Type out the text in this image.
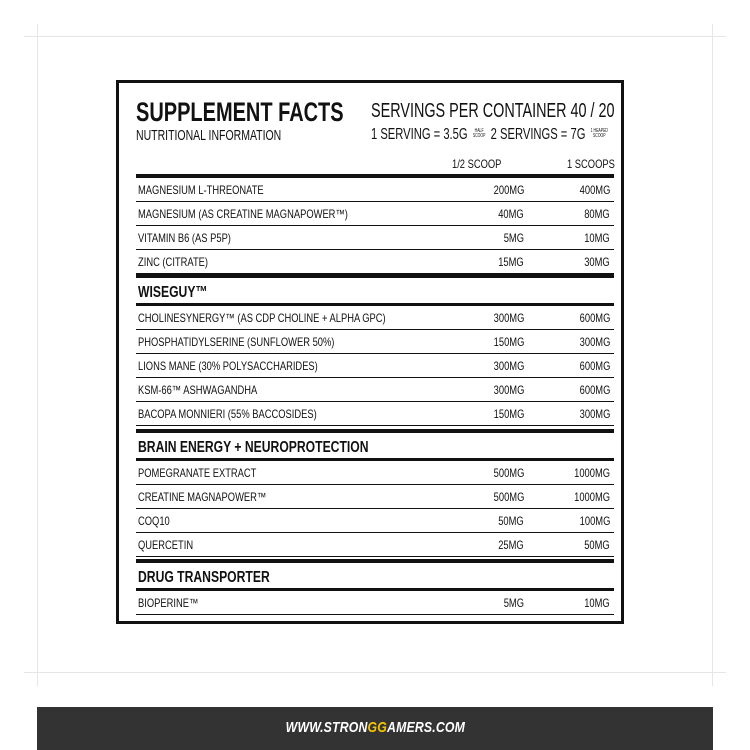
SUPPLEMENT FACTS
NUTRITIONAL INFORMATION
SERVINGS PER CONTAINER 40 / 20
1 SERVING = 3.5G HALF
SCOOP 2 SERVINGS = 7G 1 HEAPED
SCOOP
1/2 SCOOP	1 SCOOPS
MAGNESIUM L-THREONATE	200MG	400MG
MAGNESIUM (AS CREATINE MAGNAPOWER™)	40MG	80MG
VITAMIN B6 (AS P5P)	5MG	10MG
ZINC (CITRATE)	15MG	30MG
WISEGUY™
CHOLINESYNERGY™ (AS CDP CHOLINE + ALPHA GPC)	300MG	600MG
PHOSPHATIDYLSERINE (SUNFLOWER 50%)	150MG	300MG
LIONS MANE (30% POLYSACCHARIDES)	300MG	600MG
KSM-66™ ASHWAGANDHA	300MG	600MG
BACOPA MONNIERI (55% BACCOSIDES)	150MG	300MG
BRAIN ENERGY + NEUROPROTECTION
POMEGRANATE EXTRACT	500MG	1000MG
CREATINE MAGNAPOWER™	500MG	1000MG
COQ10	50MG	100MG
QUERCETIN	25MG	50MG
DRUG TRANSPORTER
BIOPERINE™	5MG	10MG
WWW.STRONGGAMERS.COM
